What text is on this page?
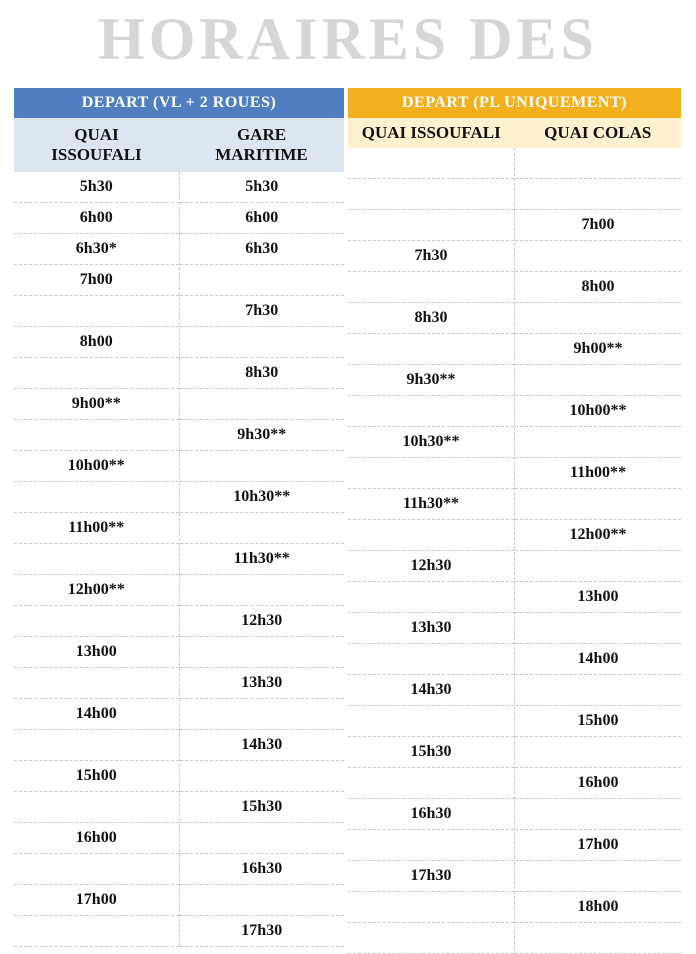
HORAIRES DES
DEPART (VL + 2 ROUES)
QUAI ISSOUFALI
GARE MARITIME
5h30
6h00
6h30*
7h00
8h00
9h00**
10h00**
11h00**
12h00**
13h00
14h00
15h00
16h00
17h00
5h30
6h00
6h30
7h30
8h30
9h30**
10h30**
11h30**
12h30
13h30
14h30
15h30
16h30
17h30
DEPART (PL UNIQUEMENT)
QUAI ISSOUFALI	QUAI COLAS
7h30
8h30
9h30**
10h30**
11h30**
12h30
13h30
14h30
15h30
16h30
17h30
7h00
8h00
9h00**
10h00**
11h00**
12h00**
13h00
14h00
15h00
16h00
17h00
18h00
